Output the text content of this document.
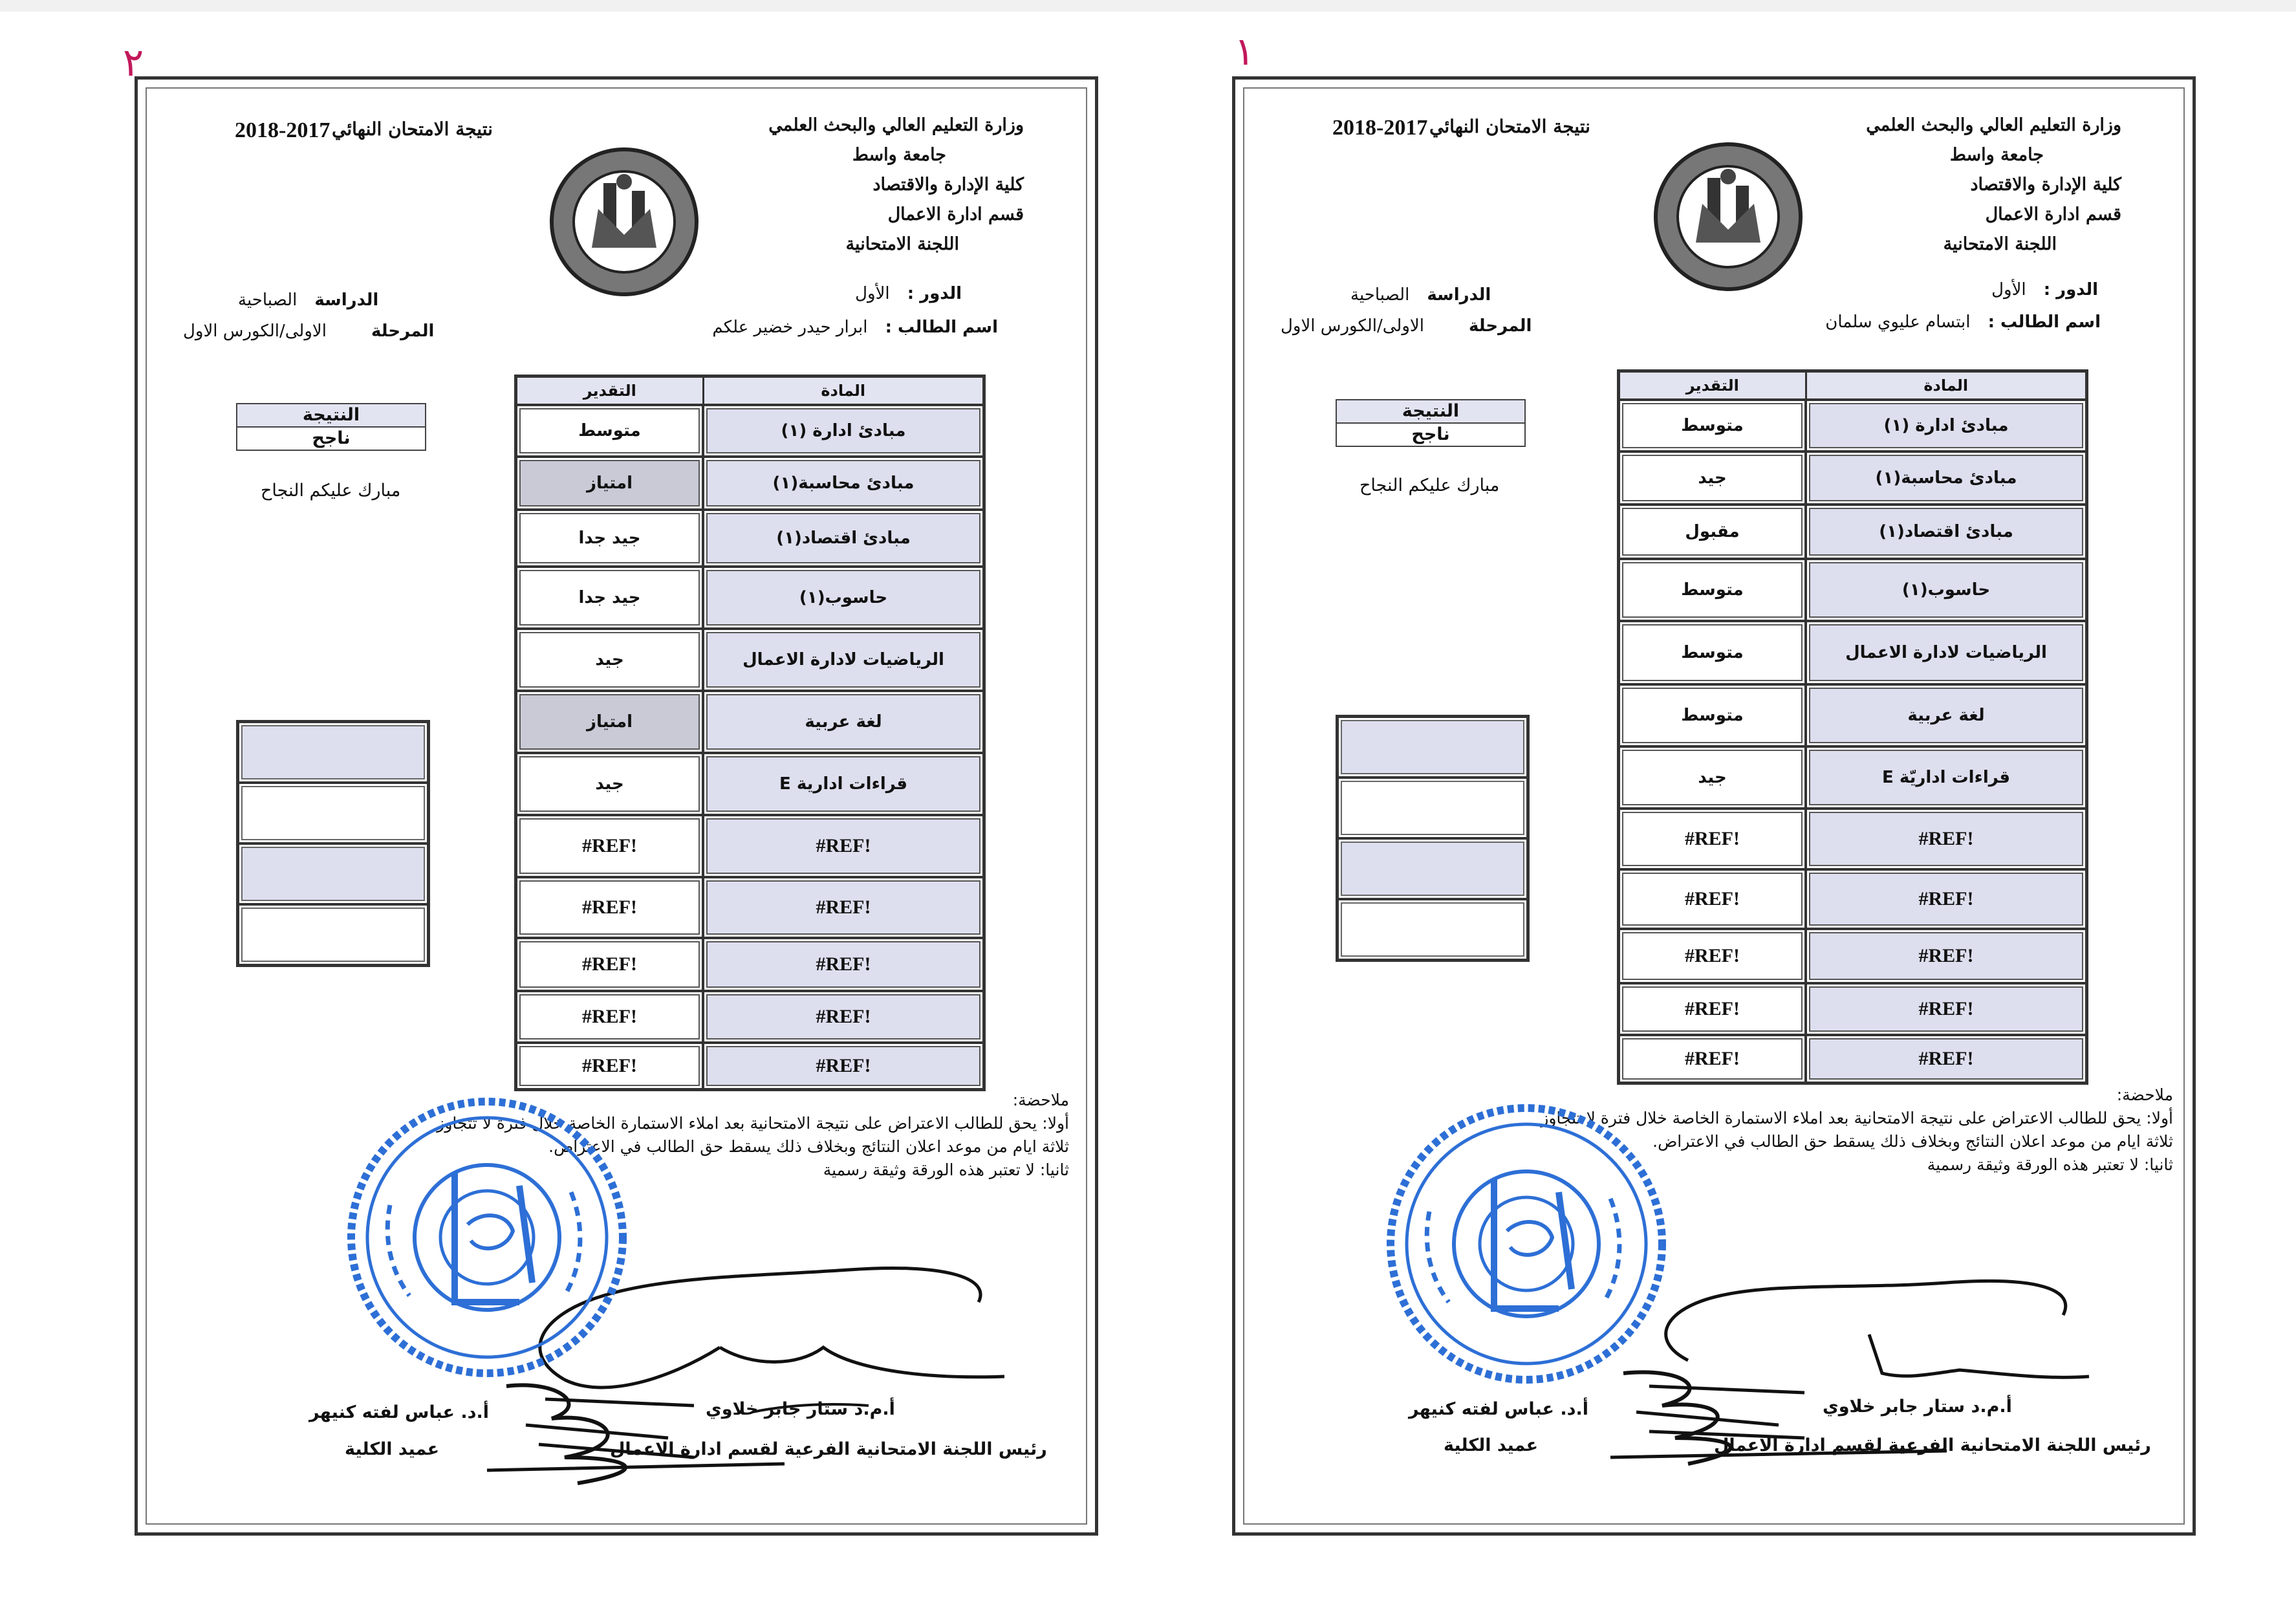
٢
وزارة التعليم العالي والبحث العلمي
جامعة واسط
كلية الإدارة والاقتصاد
قسم ادارة الاعمال
اللجنة الامتحانية
نتيجة الامتحان النهائي
2018-2017
الدور : الأول
الدراسة الصباحية
اسم الطالب : ابرار حيدر خضير علكم
المرحلة الاولى/الكورس الاول
المادة	التقدير
مبادئ ادارة (١)	متوسط
مبادئ محاسبة(١)	امتياز
مبادئ اقتصاد(١)	جيد جدا
حاسوب(١)	جيد جدا
الرياضيات لادارة الاعمال	جيد
لغة عربية	امتياز
قراءات ادارية E	جيد
#REF!	#REF!
#REF!	#REF!
#REF!	#REF!
#REF!	#REF!
#REF!	#REF!
النتيجة
ناجح
مبارك عليكم النجاح
ملاحضة:
أولا: يحق للطالب الاعتراض على نتيجة الامتحانية بعد املاء الاستمارة الخاصة خلال فترة لا تتجاوز
ثلاثة ايام من موعد اعلان النتائج وبخلاف ذلك يسقط حق الطالب في الاعتراض.
ثانيا: لا تعتبر هذه الورقة وثيقة رسمية
أ.م.د ستار جابر خلاوي
رئيس اللجنة الامتحانية الفرعية لقسم ادارة الاعمال
أ.د. عباس لفته كنيهر
عميد الكلية
١
وزارة التعليم العالي والبحث العلمي
جامعة واسط
كلية الإدارة والاقتصاد
قسم ادارة الاعمال
اللجنة الامتحانية
نتيجة الامتحان النهائي
2018-2017
الدور : الأول
الدراسة الصباحية
اسم الطالب : ابتسام عليوي سلمان
المرحلة الاولى/الكورس الاول
المادة	التقدير
مبادئ ادارة (١)	متوسط
مبادئ محاسبة(١)	جيد
مبادئ اقتصاد(١)	مقبول
حاسوب(١)	متوسط
الرياضيات لادارة الاعمال	متوسط
لغة عربية	متوسط
قراءات اداريّة E	جيد
#REF!	#REF!
#REF!	#REF!
#REF!	#REF!
#REF!	#REF!
#REF!	#REF!
النتيجة
ناجح
مبارك عليكم النجاح
ملاحضة:
أولا: يحق للطالب الاعتراض على نتيجة الامتحانية بعد املاء الاستمارة الخاصة خلال فترة لا تتجاوز
ثلاثة ايام من موعد اعلان النتائج وبخلاف ذلك يسقط حق الطالب في الاعتراض.
ثانيا: لا تعتبر هذه الورقة وثيقة رسمية
أ.م.د ستار جابر خلاوي
رئيس اللجنة الامتحانية الفرعية لقسم ادارة الاعمال
أ.د. عباس لفته كنيهر
عميد الكلية
